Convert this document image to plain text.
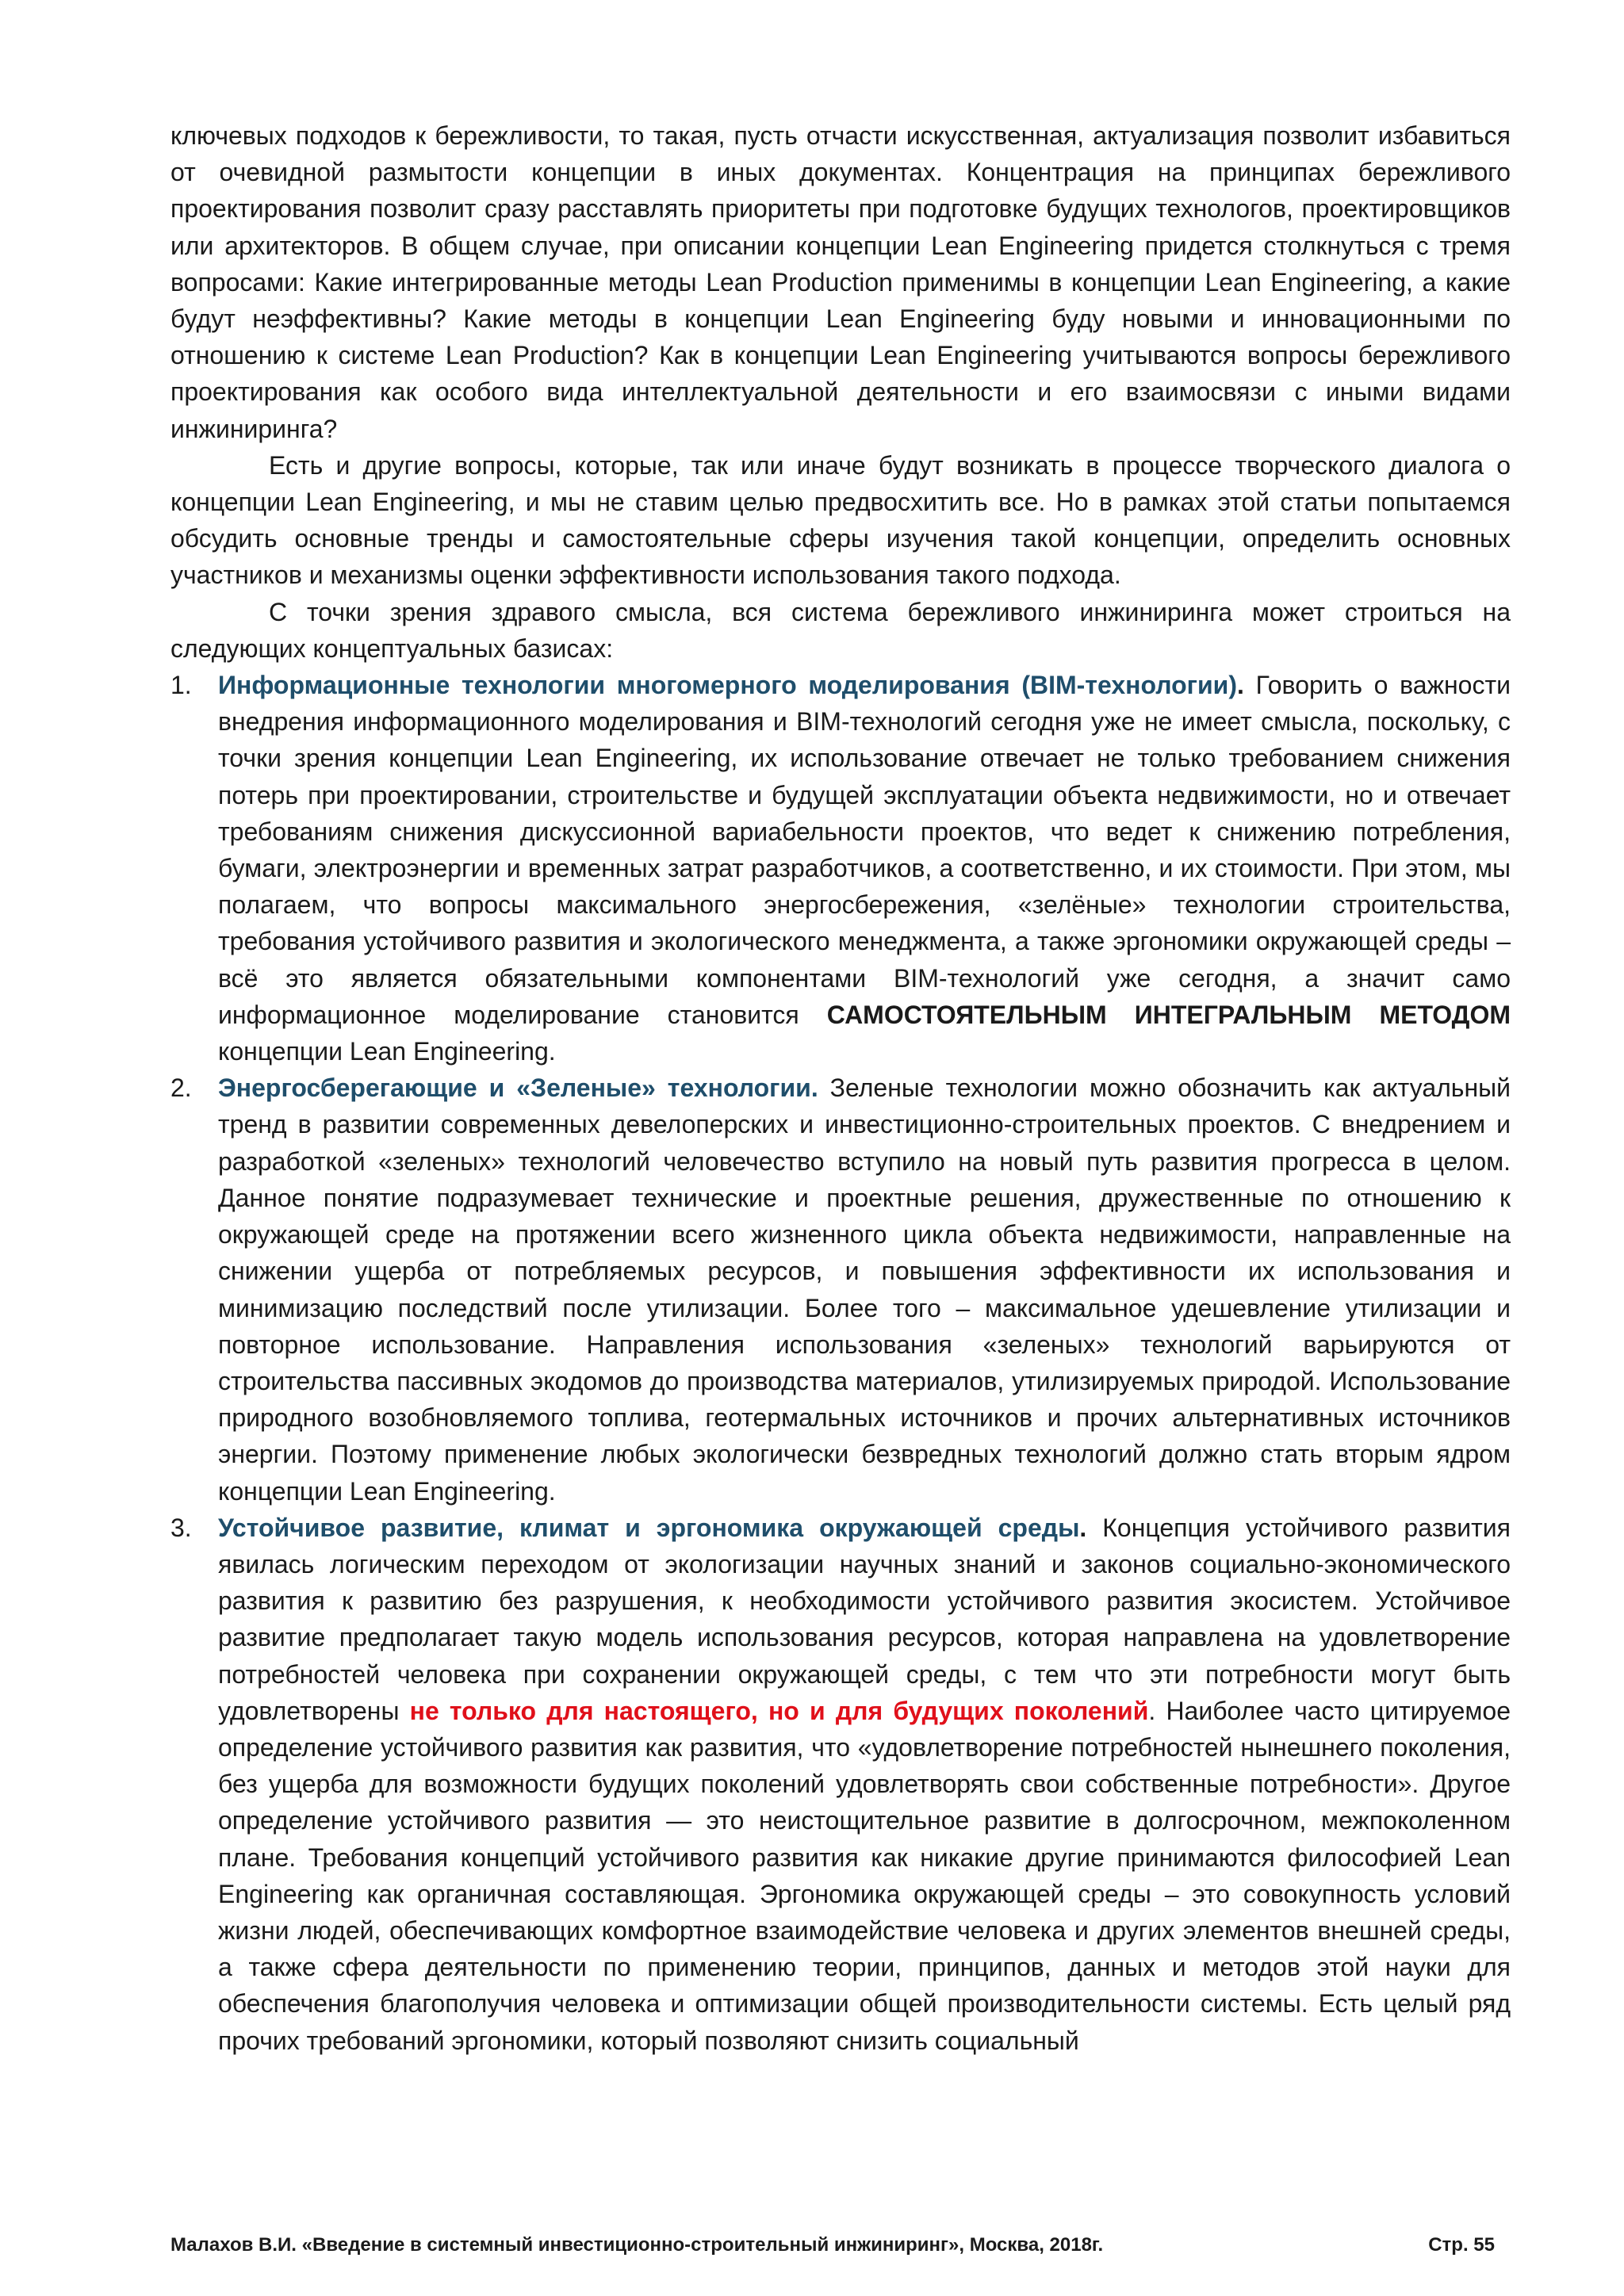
ключевых подходов к бережливости, то такая, пусть отчасти искусственная, актуализация позволит избавиться от очевидной размытости концепции в иных документах. Концентрация на принципах бережливого проектирования позволит сразу расставлять приоритеты при подготовке будущих технологов, проектировщиков или архитекторов. В общем случае, при описании концепции Lean Engineering придется столкнуться с тремя вопросами: Какие интегрированные методы Lean Production применимы в концепции Lean Engineering, а какие будут неэффективны? Какие методы в концепции Lean Engineering буду новыми и инновационными по отношению к системе Lean Production? Как в концепции Lean Engineering учитываются вопросы бережливого проектирования как особого вида интеллектуальной деятельности и его взаимосвязи с иными видами инжиниринга?

Есть и другие вопросы, которые, так или иначе будут возникать в процессе творческого диалога о концепции Lean Engineering, и мы не ставим целью предвосхитить все. Но в рамках этой статьи попытаемся обсудить основные тренды и самостоятельные сферы изучения такой концепции, определить основных участников и механизмы оценки эффективности использования такого подхода.

С точки зрения здравого смысла, вся система бережливого инжиниринга может строиться на следующих концептуальных базисах:

1. Информационные технологии многомерного моделирования (BIM-технологии). Говорить о важности внедрения информационного моделирования и BIM-технологий сегодня уже не имеет смысла, поскольку, с точки зрения концепции Lean Engineering, их использование отвечает не только требованием снижения потерь при проектировании, строительстве и будущей эксплуатации объекта недвижимости, но и отвечает требованиям снижения дискуссионной вариабельности проектов, что ведет к снижению потребления, бумаги, электроэнергии и временных затрат разработчиков, а соответственно, и их стоимости. При этом, мы полагаем, что вопросы максимального энергосбережения, «зелёные» технологии строительства, требования устойчивого развития и экологического менеджмента, а также эргономики окружающей среды – всё это является обязательными компонентами BIM-технологий уже сегодня, а значит само информационное моделирование становится САМОСТОЯТЕЛЬНЫМ ИНТЕГРАЛЬНЫМ МЕТОДОМ концепции Lean Engineering.
2. Энергосберегающие и «Зеленые» технологии. Зеленые технологии можно обозначить как актуальный тренд в развитии современных девелоперских и инвестиционно-строительных проектов. С внедрением и разработкой «зеленых» технологий человечество вступило на новый путь развития прогресса в целом. Данное понятие подразумевает технические и проектные решения, дружественные по отношению к окружающей среде на протяжении всего жизненного цикла объекта недвижимости, направленные на снижении ущерба от потребляемых ресурсов, и повышения эффективности их использования и минимизацию последствий после утилизации. Более того – максимальное удешевление утилизации и повторное использование. Направления использования «зеленых» технологий варьируются от строительства пассивных экодомов до производства материалов, утилизируемых природой. Использование природного возобновляемого топлива, геотермальных источников и прочих альтернативных источников энергии. Поэтому применение любых экологически безвредных технологий должно стать вторым ядром концепции Lean Engineering.
3. Устойчивое развитие, климат и эргономика окружающей среды. Концепция устойчивого развития явилась логическим переходом от экологизации научных знаний и законов социально-экономического развития к развитию без разрушения, к необходимости устойчивого развития экосистем. Устойчивое развитие предполагает такую модель использования ресурсов, которая направлена на удовлетворение потребностей человека при сохранении окружающей среды, с тем что эти потребности могут быть удовлетворены не только для настоящего, но и для будущих поколений. Наиболее часто цитируемое определение устойчивого развития как развития, что «удовлетворение потребностей нынешнего поколения, без ущерба для возможности будущих поколений удовлетворять свои собственные потребности». Другое определение устойчивого развития — это неистощительное развитие в долгосрочном, межпоколенном плане. Требования концепций устойчивого развития как никакие другие принимаются философией Lean Engineering как органичная составляющая. Эргономика окружающей среды – это совокупность условий жизни людей, обеспечивающих комфортное взаимодействие человека и других элементов внешней среды, а также сфера деятельности по применению теории, принципов, данных и методов этой науки для обеспечения благополучия человека и оптимизации общей производительности системы. Есть целый ряд прочих требований эргономики, который позволяют снизить социальный
Малахов В.И. «Введение в системный инвестиционно-строительный инжиниринг», Москва, 2018г.	Стр. 55
